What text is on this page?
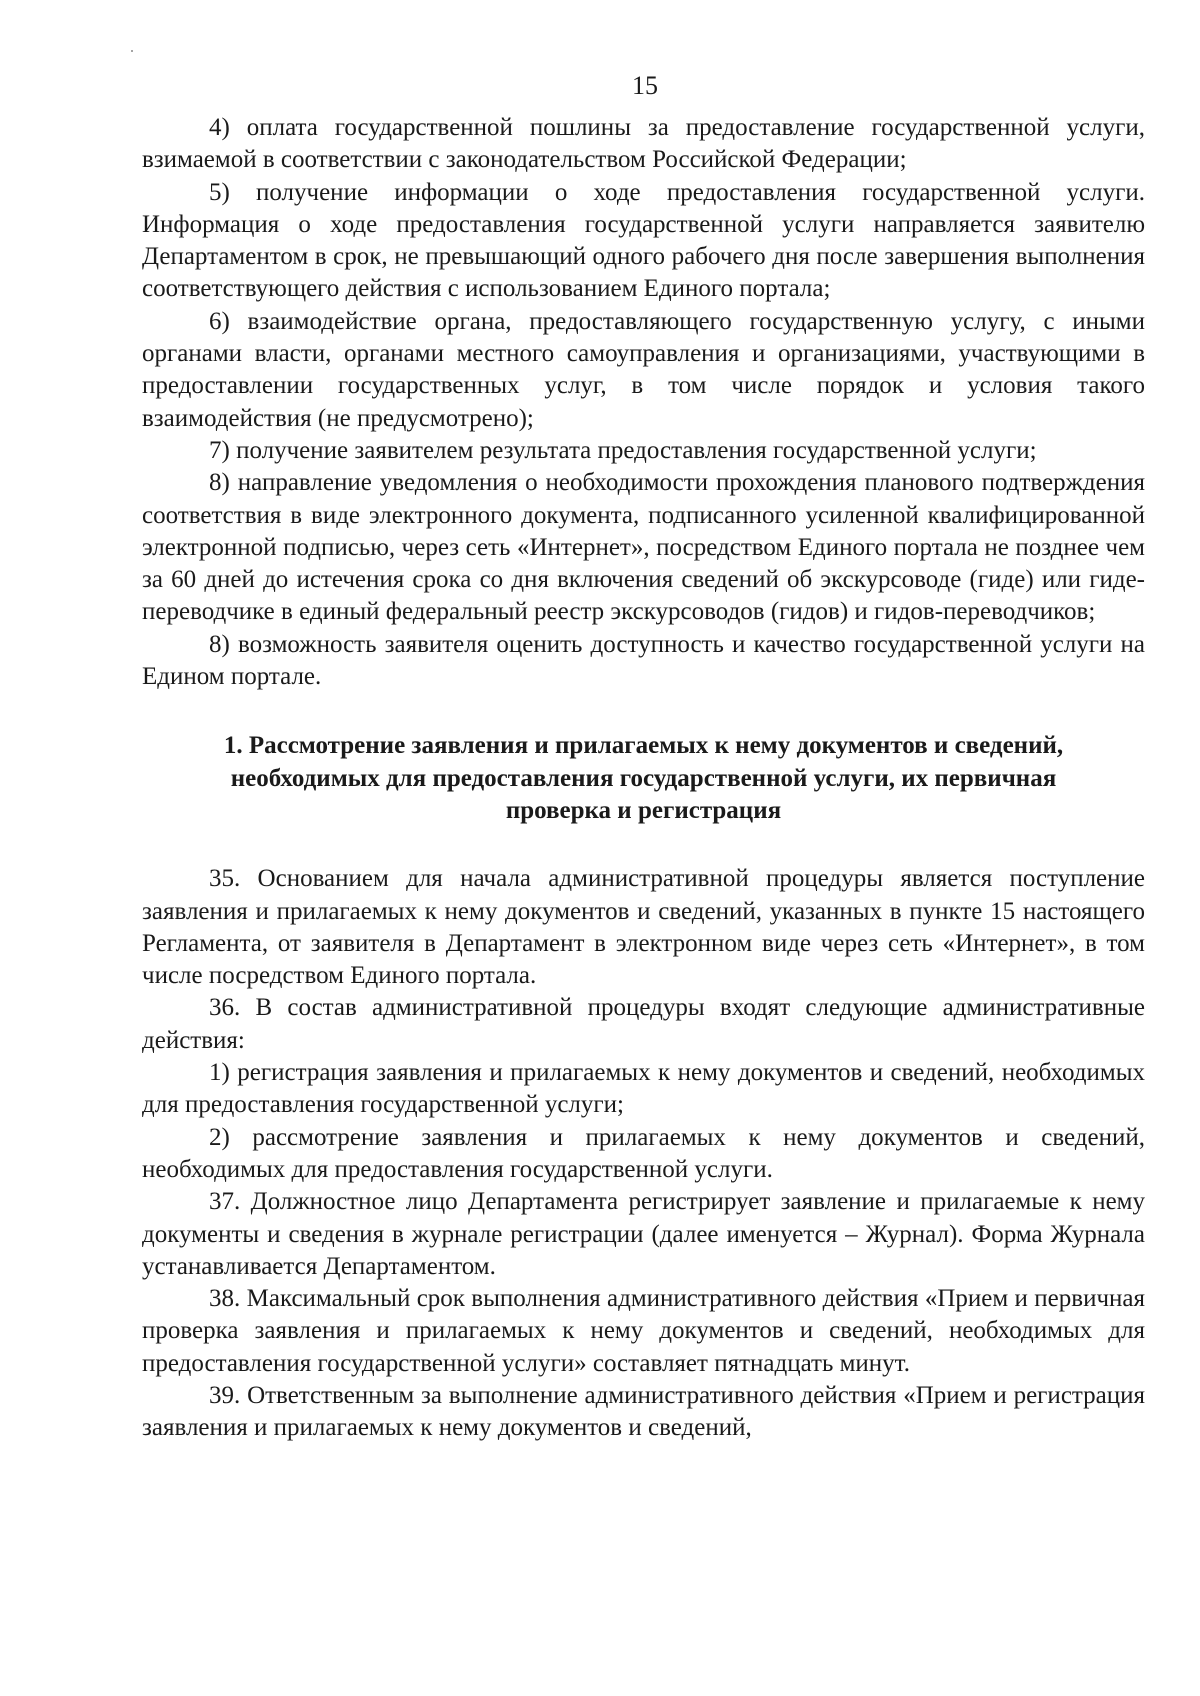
15

4) оплата государственной пошлины за предоставление государственной услуги, взимаемой в соответствии с законодательством Российской Федерации;

5) получение информации о ходе предоставления государственной услуги. Информация о ходе предоставления государственной услуги направляется заявителю Департаментом в срок, не превышающий одного рабочего дня после завершения выполнения соответствующего действия с использованием Единого портала;

6) взаимодействие органа, предоставляющего государственную услугу, с иными органами власти, органами местного самоуправления и организациями, участвующими в предоставлении государственных услуг, в том числе порядок и условия такого взаимодействия (не предусмотрено);

7) получение заявителем результата предоставления государственной услуги;

8) направление уведомления о необходимости прохождения планового подтверждения соответствия в виде электронного документа, подписанного усиленной квалифицированной электронной подписью, через сеть «Интернет», посредством Единого портала не позднее чем за 60 дней до истечения срока со дня включения сведений об экскурсоводе (гиде) или гиде-переводчике в единый федеральный реестр экскурсоводов (гидов) и гидов-переводчиков;

8) возможность заявителя оценить доступность и качество государственной услуги на Едином портале.

1. Рассмотрение заявления и прилагаемых к нему документов и сведений,
необходимых для предоставления государственной услуги, их первичная
проверка и регистрация

35. Основанием для начала административной процедуры является поступление заявления и прилагаемых к нему документов и сведений, указанных в пункте 15 настоящего Регламента, от заявителя в Департамент в электронном виде через сеть «Интернет», в том числе посредством Единого портала.

36. В состав административной процедуры входят следующие административные действия:

1) регистрация заявления и прилагаемых к нему документов и сведений, необходимых для предоставления государственной услуги;

2) рассмотрение заявления и прилагаемых к нему документов и сведений, необходимых для предоставления государственной услуги.

37. Должностное лицо Департамента регистрирует заявление и прилагаемые к нему документы и сведения в журнале регистрации (далее именуется – Журнал). Форма Журнала устанавливается Департаментом.

38. Максимальный срок выполнения административного действия «Прием и первичная проверка заявления и прилагаемых к нему документов и сведений, необходимых для предоставления государственной услуги» составляет пятнадцать минут.

39. Ответственным за выполнение административного действия «Прием и регистрация заявления и прилагаемых к нему документов и сведений,
